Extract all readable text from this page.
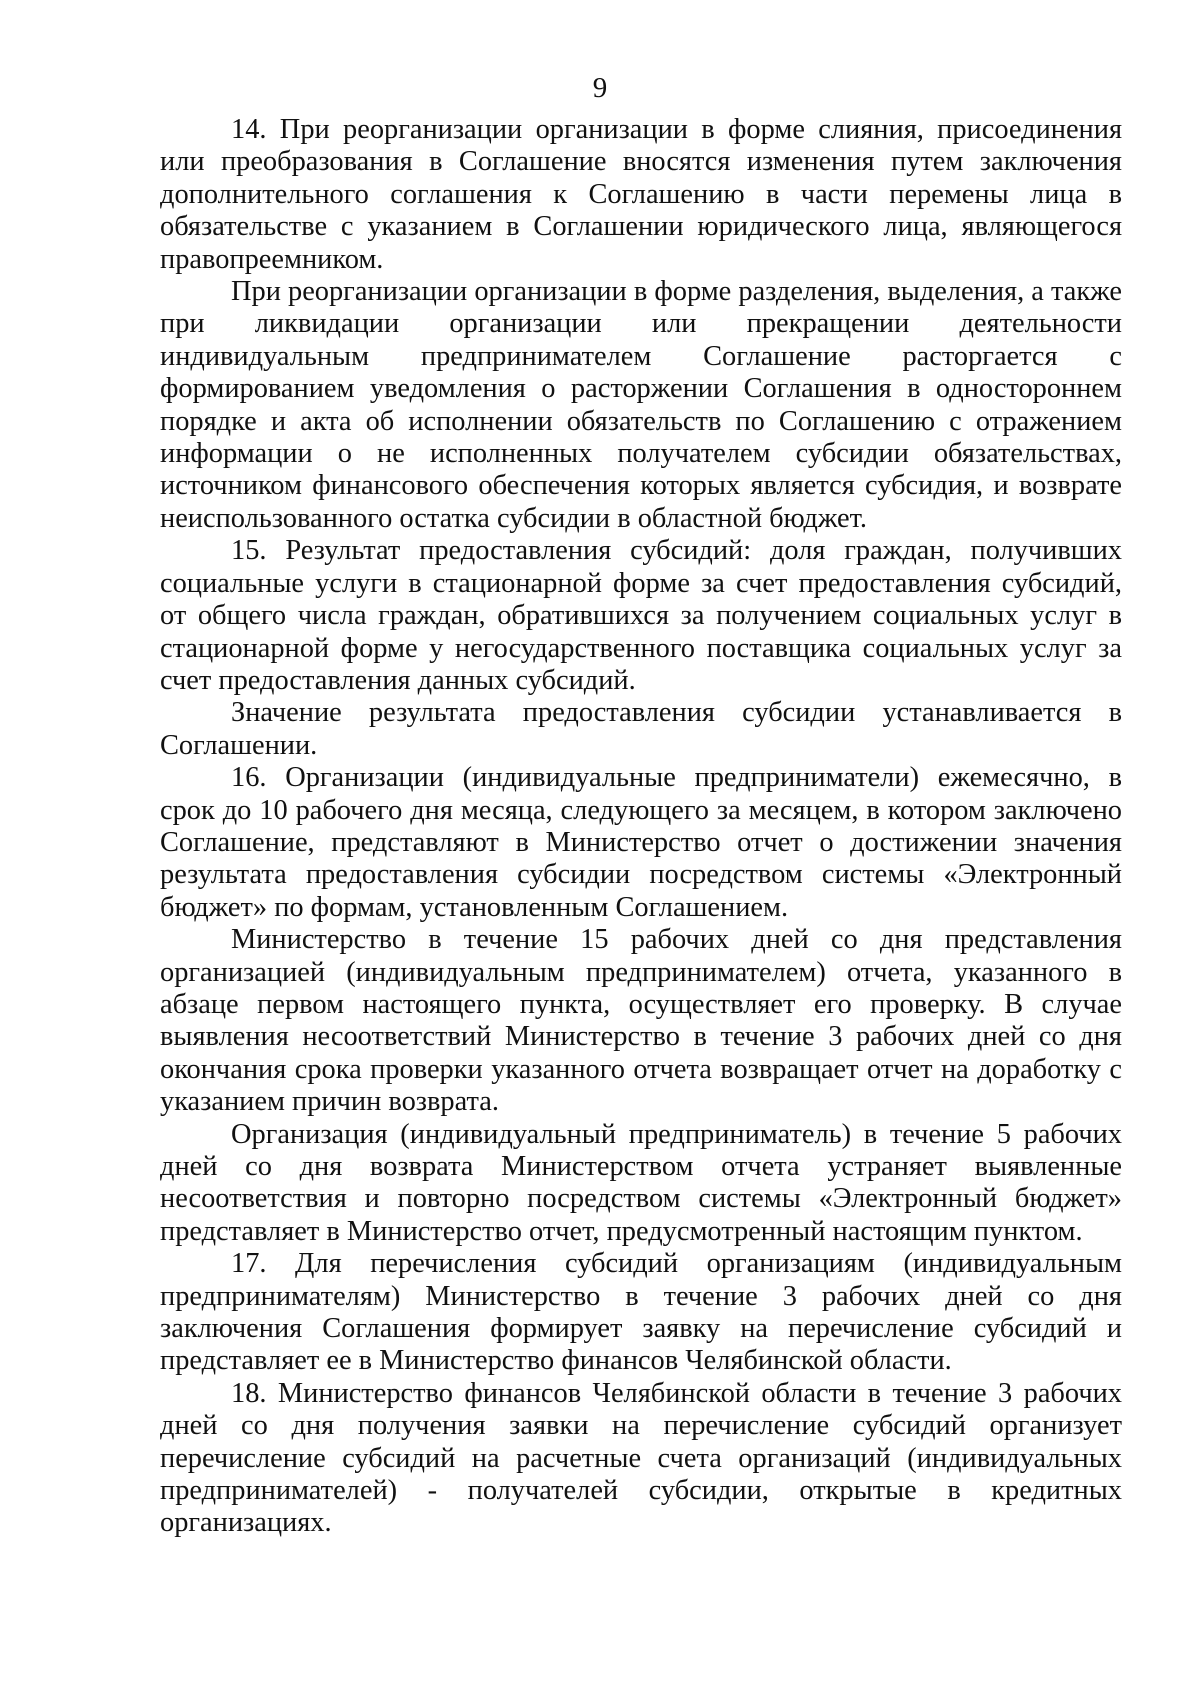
9

14. При реорганизации организации в форме слияния, присоединения или преобразования в Соглашение вносятся изменения путем заключения дополнительного соглашения к Соглашению в части перемены лица в обязательстве с указанием в Соглашении юридического лица, являющегося правопреемником.

При реорганизации организации в форме разделения, выделения, а также при ликвидации организации или прекращении деятельности индивидуальным предпринимателем Соглашение расторгается с формированием уведомления о расторжении Соглашения в одностороннем порядке и акта об исполнении обязательств по Соглашению с отражением информации о не исполненных получателем субсидии обязательствах, источником финансового обеспечения которых является субсидия, и возврате неиспользованного остатка субсидии в областной бюджет.

15. Результат предоставления субсидий: доля граждан, получивших социальные услуги в стационарной форме за счет предоставления субсидий, от общего числа граждан, обратившихся за получением социальных услуг в стационарной форме у негосударственного поставщика социальных услуг за счет предоставления данных субсидий.

Значение результата предоставления субсидии устанавливается в Соглашении.

16. Организации (индивидуальные предприниматели) ежемесячно, в срок до 10 рабочего дня месяца, следующего за месяцем, в котором заключено Соглашение, представляют в Министерство отчет о достижении значения результата предоставления субсидии посредством системы «Электронный бюджет» по формам, установленным Соглашением.

Министерство в течение 15 рабочих дней со дня представления организацией (индивидуальным предпринимателем) отчета, указанного в абзаце первом настоящего пункта, осуществляет его проверку. В случае выявления несоответствий Министерство в течение 3 рабочих дней со дня окончания срока проверки указанного отчета возвращает отчет на доработку с указанием причин возврата.

Организация (индивидуальный предприниматель) в течение 5 рабочих дней со дня возврата Министерством отчета устраняет выявленные несоответствия и повторно посредством системы «Электронный бюджет» представляет в Министерство отчет, предусмотренный настоящим пунктом.

17. Для перечисления субсидий организациям (индивидуальным предпринимателям) Министерство в течение 3 рабочих дней со дня заключения Соглашения формирует заявку на перечисление субсидий и представляет ее в Министерство финансов Челябинской области.

18. Министерство финансов Челябинской области в течение 3 рабочих дней со дня получения заявки на перечисление субсидий организует перечисление субсидий на расчетные счета организаций (индивидуальных предпринимателей) - получателей субсидии, открытые в кредитных организациях.
